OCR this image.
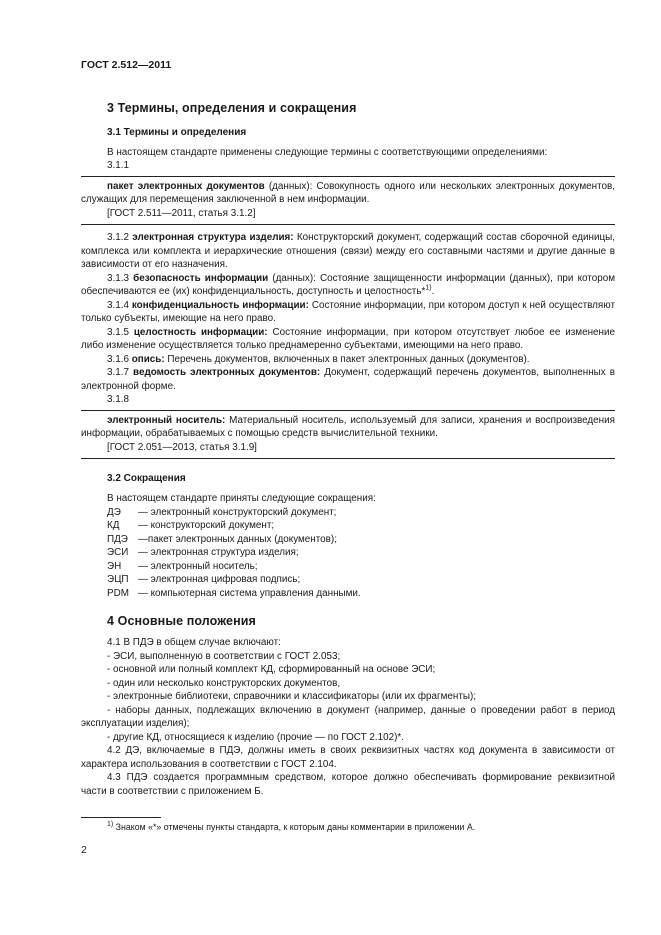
ГОСТ 2.512—2011

3 Термины, определения и сокращения
3.1 Термины и определения

В настоящем стандарте применены следующие термины с соответствующими определениями:

3.1.1

пакет электронных документов (данных): Совокупность одного или нескольких электронных документов, служащих для перемещения заключенной в нем информации.

[ГОСТ 2.511—2011, статья 3.1.2]

3.1.2 электронная структура изделия: Конструкторский документ, содержащий состав сборочной единицы, комплекса или комплекта и иерархические отношения (связи) между его составными частями и другие данные в зависимости от его назначения.

3.1.3 безопасность информации (данных): Состояние защищенности информации (данных), при котором обеспечиваются ее (их) конфиденциальность, доступность и целостность*$^{1)}$.

3.1.4 конфиденциальность информации: Состояние информации, при котором доступ к ней осуществляют только субъекты, имеющие на него право.

3.1.5 целостность информации: Состояние информации, при котором отсутствует любое ее изменение либо изменение осуществляется только преднамеренно субъектами, имеющими на него право.

3.1.6 опись: Перечень документов, включенных в пакет электронных данных (документов).

3.1.7 ведомость электронных документов: Документ, содержащий перечень документов, выполненных в электронной форме.

3.1.8

электронный носитель: Материальный носитель, используемый для записи, хранения и воспроизведения информации, обрабатываемых с помощью средств вычислительной техники.

[ГОСТ 2.051—2013, статья 3.1.9]

3.2 Сокращения

В настоящем стандарте приняты следующие сокращения:

ДЭ	— электронный конструкторский документ;
КД	— конструкторский документ;
ПДЭ	—пакет электронных данных (документов);
ЭСИ	— электронная структура изделия;
ЭН	— электронный носитель;
ЭЦП	— электронная цифровая подпись;
PDM	— компьютерная система управления данными.
4 Основные положения

4.1 В ПДЭ в общем случае включают:

- ЭСИ, выполненную в соответствии с ГОСТ 2.053;

- основной или полный комплект КД, сформированный на основе ЭСИ;

- один или несколько конструкторских документов,

- электронные библиотеки, справочники и классификаторы (или их фрагменты);

- наборы данных, подлежащих включению в документ (например, данные о проведении работ в период эксплуатации изделия);

- другие КД, относящиеся к изделию (прочие — по ГОСТ 2.102)*.

4.2 ДЭ, включаемые в ПДЭ, должны иметь в своих реквизитных частях код документа в зависимости от характера использования в соответствии с ГОСТ 2.104.

4.3 ПДЭ создается программным средством, которое должно обеспечивать формирование реквизитной части в соответствии с приложением Б.

$^{1)}$ Знаком «*» отмечены пункты стандарта, к которым даны комментарии в приложении А.

2
